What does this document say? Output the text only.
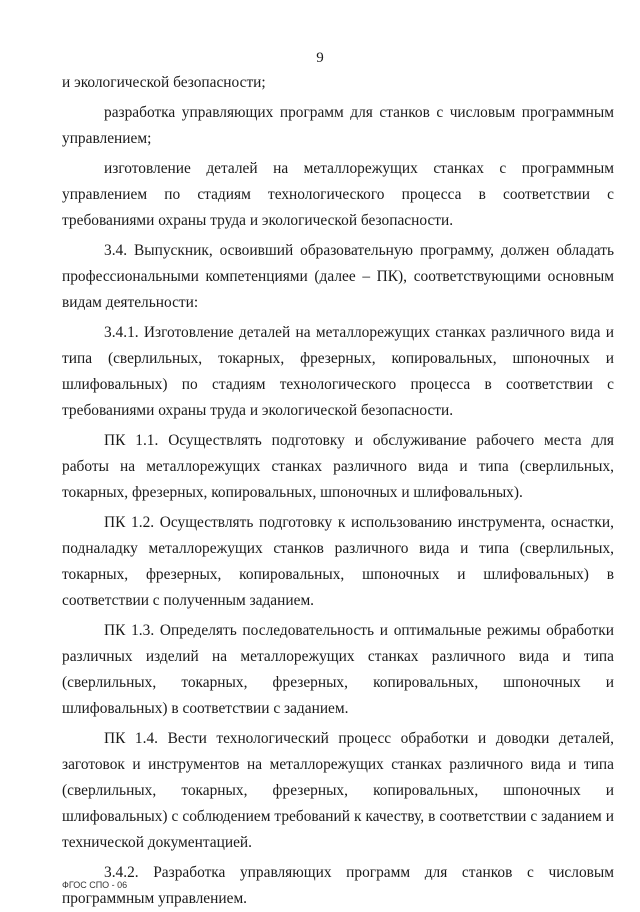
9

и экологической безопасности;

разработка управляющих программ для станков с числовым программным управлением;

изготовление деталей на металлорежущих станках с программным управлением по стадиям технологического процесса в соответствии с требованиями охраны труда и экологической безопасности.

3.4. Выпускник, освоивший образовательную программу, должен обладать профессиональными компетенциями (далее – ПК), соответствующими основным видам деятельности:

3.4.1. Изготовление деталей на металлорежущих станках различного вида и типа (сверлильных, токарных, фрезерных, копировальных, шпоночных и шлифовальных) по стадиям технологического процесса в соответствии с требованиями охраны труда и экологической безопасности.

ПК 1.1. Осуществлять подготовку и обслуживание рабочего места для работы на металлорежущих станках различного вида и типа (сверлильных, токарных, фрезерных, копировальных, шпоночных и шлифовальных).

ПК 1.2. Осуществлять подготовку к использованию инструмента, оснастки, подналадку металлорежущих станков различного вида и типа (сверлильных, токарных, фрезерных, копировальных, шпоночных и шлифовальных) в соответствии с полученным заданием.

ПК 1.3. Определять последовательность и оптимальные режимы обработки различных изделий на металлорежущих станках различного вида и типа (сверлильных, токарных, фрезерных, копировальных, шпоночных и шлифовальных) в соответствии с заданием.

ПК 1.4. Вести технологический процесс обработки и доводки деталей, заготовок и инструментов на металлорежущих станках различного вида и типа (сверлильных, токарных, фрезерных, копировальных, шпоночных и шлифовальных) с соблюдением требований к качеству, в соответствии с заданием и технической документацией.

3.4.2. Разработка управляющих программ для станков с числовым программным управлением.

ФГОС СПО - 06
